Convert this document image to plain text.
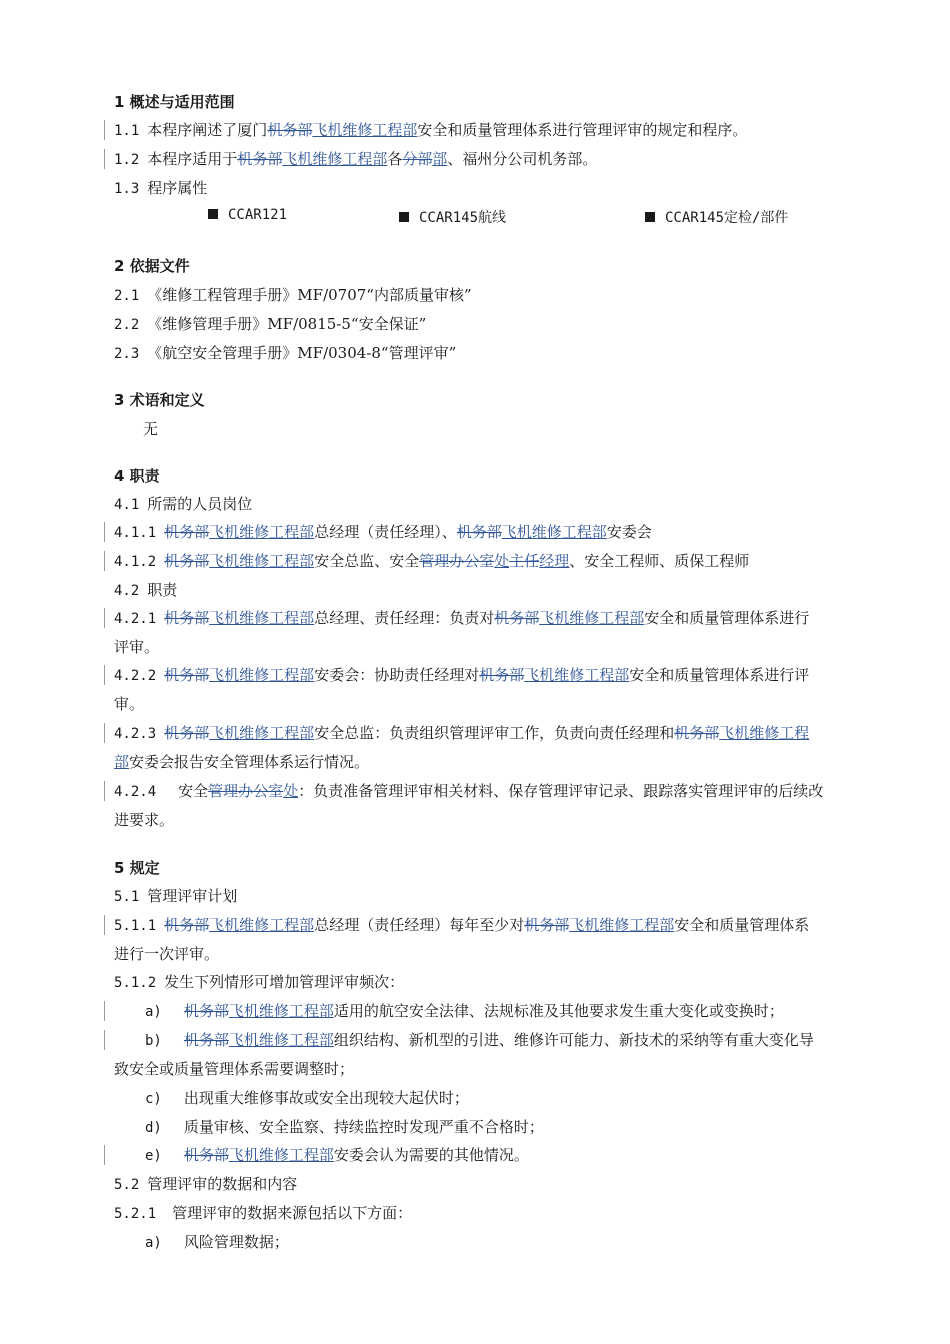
1 概述与适用范围
1.1 本程序阐述了厦门机务部飞机维修工程部安全和质量管理体系进行管理评审的规定和程序。
1.2 本程序适用于机务部飞机维修工程部各分部部、福州分公司机务部。
1.3 程序属性
CCAR121	CCAR145航线	CCAR145定检/部件
2 依据文件
2.1 《维修工程管理手册》MF/0707“内部质量审核”
2.2 《维修管理手册》MF/0815-5“安全保证”
2.3 《航空安全管理手册》MF/0304-8“管理评审”
3 术语和定义
无
4 职责
4.1 所需的人员岗位
4.1.1 机务部飞机维修工程部总经理（责任经理）、机务部飞机维修工程部安委会
4.1.2 机务部飞机维修工程部安全总监、安全管理办公室处主任经理、安全工程师、质保工程师
4.2 职责
4.2.1 机务部飞机维修工程部总经理、责任经理：负责对机务部飞机维修工程部安全和质量管理体系进行
评审。
4.2.2 机务部飞机维修工程部安委会：协助责任经理对机务部飞机维修工程部安全和质量管理体系进行评
审。
4.2.3 机务部飞机维修工程部安全总监：负责组织管理评审工作，负责向责任经理和机务部飞机维修工程
部安委会报告安全管理体系运行情况。
4.2.4 安全管理办公室处：负责准备管理评审相关材料、保存管理评审记录、跟踪落实管理评审的后续改
进要求。
5 规定
5.1 管理评审计划
5.1.1 机务部飞机维修工程部总经理（责任经理）每年至少对机务部飞机维修工程部安全和质量管理体系
进行一次评审。
5.1.2 发生下列情形可增加管理评审频次：
a) 机务部飞机维修工程部适用的航空安全法律、法规标准及其他要求发生重大变化或变换时；
b) 机务部飞机维修工程部组织结构、新机型的引进、维修许可能力、新技术的采纳等有重大变化导
致安全或质量管理体系需要调整时；
c) 出现重大维修事故或安全出现较大起伏时；
d) 质量审核、安全监察、持续监控时发现严重不合格时；
e) 机务部飞机维修工程部安委会认为需要的其他情况。
5.2 管理评审的数据和内容
5.2.1 管理评审的数据来源包括以下方面：
a) 风险管理数据；
